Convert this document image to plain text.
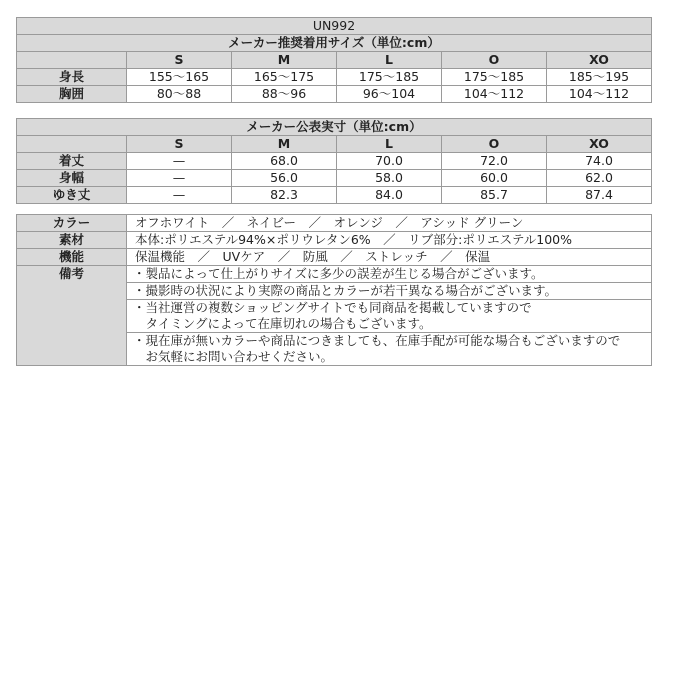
UN992					
メーカー推奨着用サイズ（単位:cm）					
	S	M	L	O	XO
身長	155〜165	165〜175	175〜185	175〜185	185〜195
胸囲	80〜88	88〜96	96〜104	104〜112	104〜112
メーカー公表実寸（単位:cm）					
	S	M	L	O	XO
着丈	—	68.0	70.0	72.0	74.0
身幅	—	56.0	58.0	60.0	62.0
ゆき丈	—	82.3	84.0	85.7	87.4
カラー	オフホワイト　／　ネイビー　／　オレンジ　／　アシッド グリーン
素材	本体:ポリエステル94%×ポリウレタン6%　／　リブ部分:ポリエステル100%
機能	保温機能　／　UVケア　／　防風　／　ストレッチ　／　保温
備考	・製品によって仕上がりサイズに多少の誤差が生じる場合がございます。

	・撮影時の状況により実際の商品とカラーが若干異なる場合がございます。

	・当社運営の複数ショッピングサイトでも同商品を掲載していますので
　タイミングによって在庫切れの場合もございます。

	・現在庫が無いカラーや商品につきましても、在庫手配が可能な場合もございますので
　お気軽にお問い合わせください。
